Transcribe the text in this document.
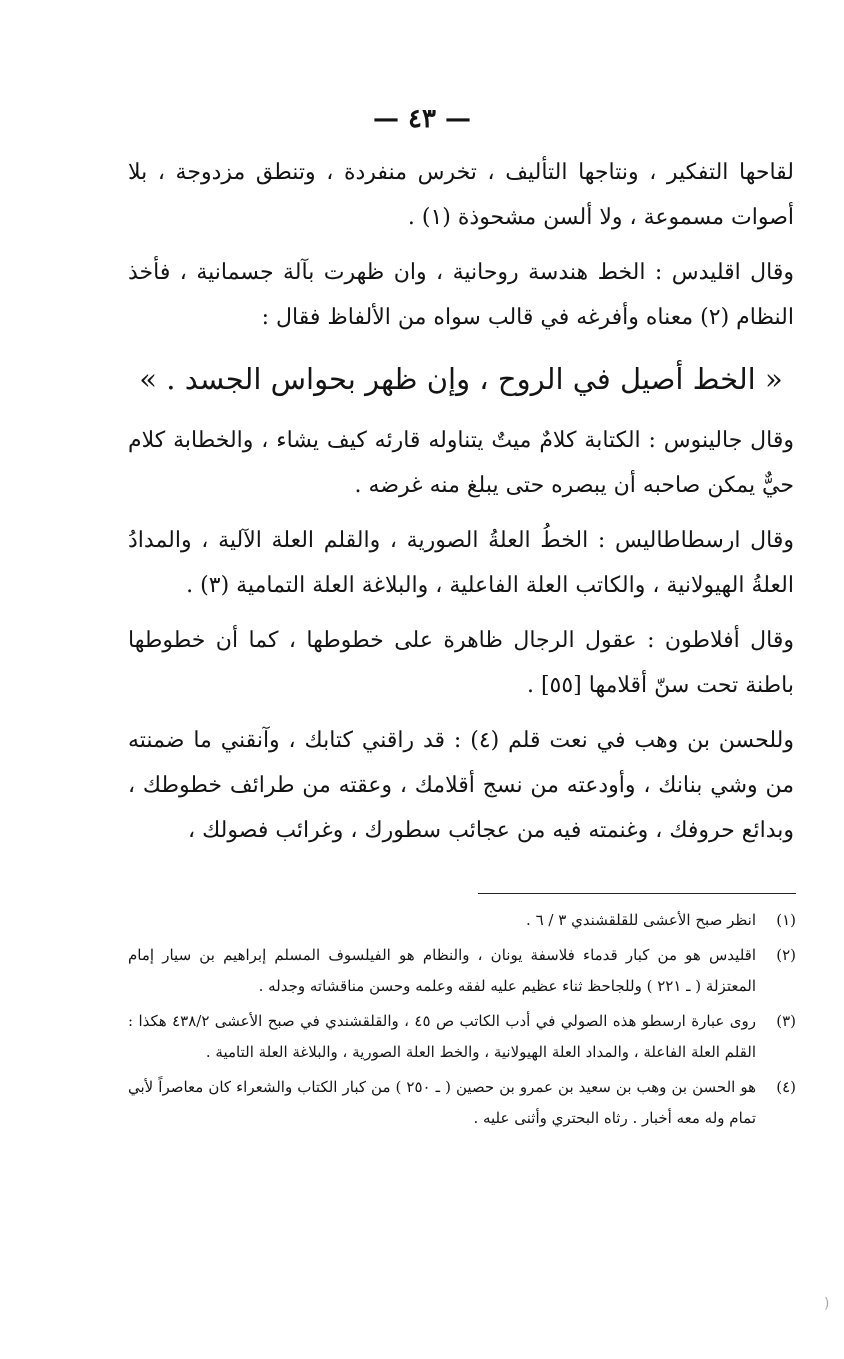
— ٤٣ —

لقاحها التفكير ، ونتاجها التأليف ، تخرس منفردة ، وتنطق مزدوجة ، بلا أصوات مسموعة ، ولا ألسن مشحوذة (١) .

وقال اقليدس : الخط هندسة روحانية ، وان ظهرت بآلة جسمانية ، فأخذ النظام (٢) معناه وأفرغه في قالب سواه من الألفاظ فقال :

« الخط أصيل في الروح ، وإن ظهر بحواس الجسد . »

وقال جالينوس : الكتابة كلامٌ ميتٌ يتناوله قارئه كيف يشاء ، والخطابة كلام حيٌّ يمكن صاحبه أن يبصره حتى يبلغ منه غرضه .

وقال ارسطاطاليس : الخطُ العلةُ الصورية ، والقلم العلة الآلية ، والمدادُ العلةُ الهيولانية ، والكاتب العلة الفاعلية ، والبلاغة العلة التمامية (٣) .

وقال أفلاطون : عقول الرجال ظاهرة على خطوطها ، كما أن خطوطها باطنة تحت سنّ أقلامها [٥٥] .

وللحسن بن وهب في نعت قلم (٤) : قد راقني كتابك ، وآنقني ما ضمنته من وشي بنانك ، وأودعته من نسج أقلامك ، وعقته من طرائف خطوطك ، وبدائع حروفك ، وغنمته فيه من عجائب سطورك ، وغرائب فصولك ،

(١)
انظر صبح الأعشى للقلقشندي ٣ / ٦ .
(٢)
اقليدس هو من كبار قدماء فلاسفة يونان ، والنظام هو الفيلسوف المسلم إبراهيم بن سيار إمام المعتزلة ( ـ ٢٢١ ) وللجاحظ ثناء عظيم عليه لفقه وعلمه وحسن مناقشاته وجدله .
(٣)
روى عبارة ارسطو هذه الصولي في أدب الكاتب ص ٤٥ ، والقلقشندي في صبح الأعشى ٤٣٨/٢ هكذا : القلم العلة الفاعلة ، والمداد العلة الهيولانية ، والخط العلة الصورية ، والبلاغة العلة التامية .
(٤)
هو الحسن بن وهب بن سعيد بن عمرو بن حصين ( ـ ٢٥٠ ) من كبار الكتاب والشعراء كان معاصراً لأبي تمام وله معه أخبار . رثاه البحتري وأثنى عليه .
)
